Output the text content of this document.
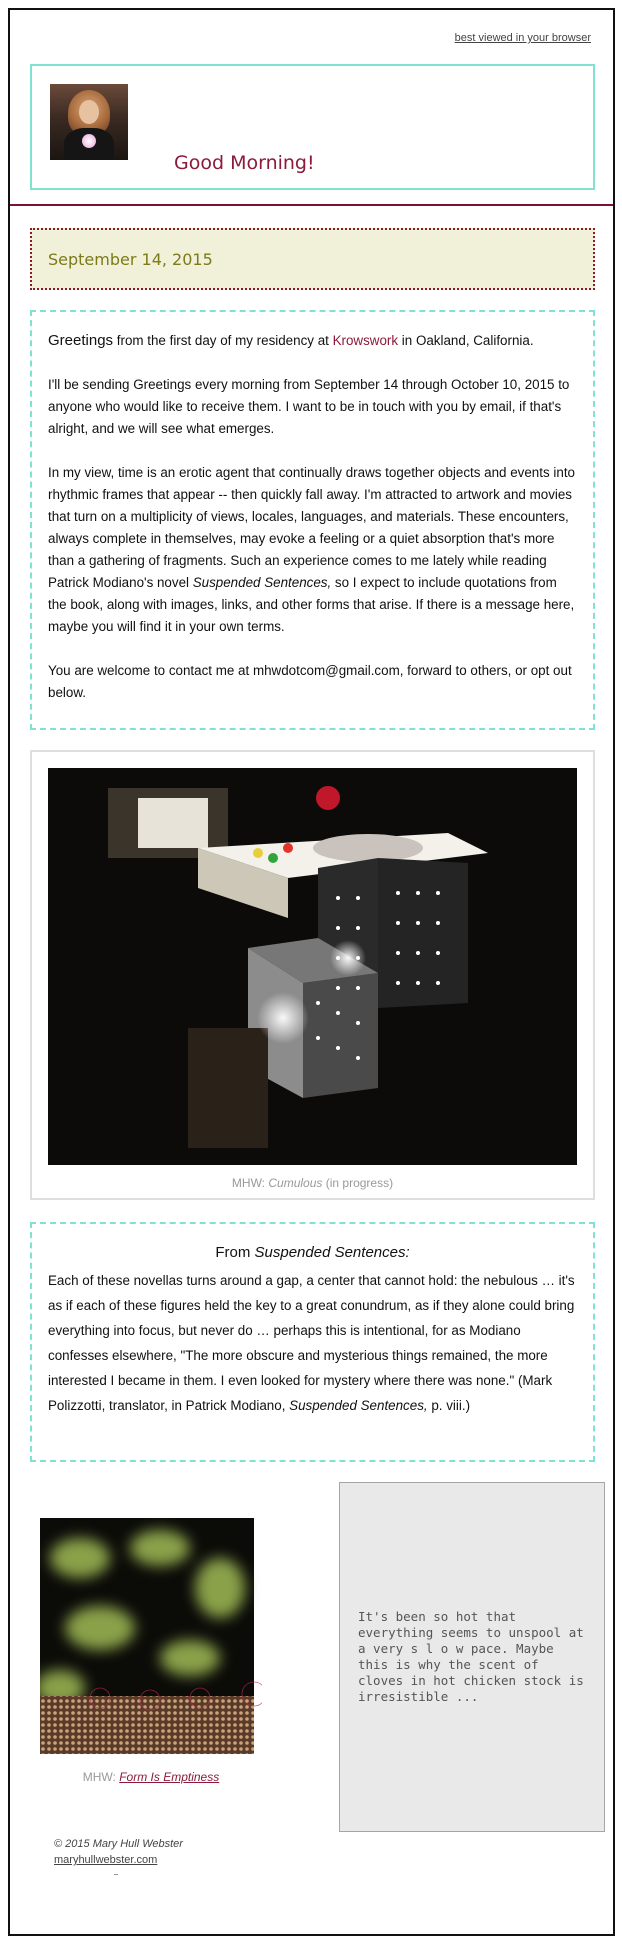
best viewed in your browser
Good Morning!
September 14, 2015

Greetings from the first day of my residency at Krowswork in Oakland, California.

I'll be sending Greetings every morning from September 14 through October 10, 2015 to anyone who would like to receive them. I want to be in touch with you by email, if that's alright, and we will see what emerges.

In my view, time is an erotic agent that continually draws together objects and events into rhythmic frames that appear -- then quickly fall away. I'm attracted to artwork and movies that turn on a multiplicity of views, locales, languages, and materials. These encounters, always complete in themselves, may evoke a feeling or a quiet absorption that's more than a gathering of fragments. Such an experience comes to me lately while reading Patrick Modiano's novel Suspended Sentences, so I expect to include quotations from the book, along with images, links, and other forms that arise. If there is a message here, maybe you will find it in your own terms.

You are welcome to contact me at mhwdotcom@gmail.com, forward to others, or opt out below.

MHW: Cumulous (in progress)
From Suspended Sentences:
Each of these novellas turns around a gap, a center that cannot hold: the nebulous … it's as if each of these figures held the key to a great conundrum, as if they alone could bring everything into focus, but never do … perhaps this is intentional, for as Modiano confesses elsewhere, "The more obscure and mysterious things remained, the more interested I became in them. I even looked for mystery where there was none." (Mark Polizzotti, translator, in Patrick Modiano, Suspended Sentences, p. viii.)
MHW: Form Is Emptiness
It's been so hot that everything seems to unspool at a very s l o w pace. Maybe this is why the scent of cloves in hot chicken stock is irresistible ...
© 2015 Mary Hull Webster
maryhullwebster.com
